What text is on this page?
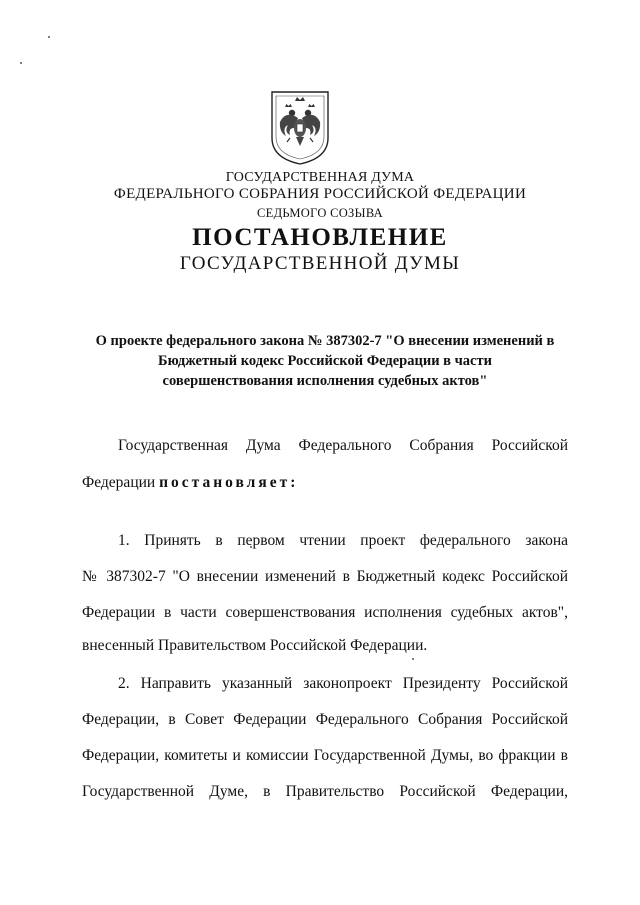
ГОСУДАРСТВЕННАЯ ДУМА
ФЕДЕРАЛЬНОГО СОБРАНИЯ РОССИЙСКОЙ ФЕДЕРАЦИИ
СЕДЬМОГО СОЗЫВА
ПОСТАНОВЛЕНИЕ
ГОСУДАРСТВЕННОЙ ДУМЫ
О проекте федерального закона № 387302-7 "О внесении изменений в
Бюджетный кодекс Российской Федерации в части
совершенствования исполнения судебных актов"
Государственная Дума Федерального Собрания Российской
Федерации постановляет:
1. Принять в первом чтении проект федерального закона
№ 387302-7 "О внесении изменений в Бюджетный кодекс Российской
Федерации в части совершенствования исполнения судебных актов",
внесенный Правительством Российской Федерации.
2. Направить указанный законопроект Президенту Российской
Федерации, в Совет Федерации Федерального Собрания Российской
Федерации, комитеты и комиссии Государственной Думы, во фракции в
Государственной Думе, в Правительство Российской Федерации,
